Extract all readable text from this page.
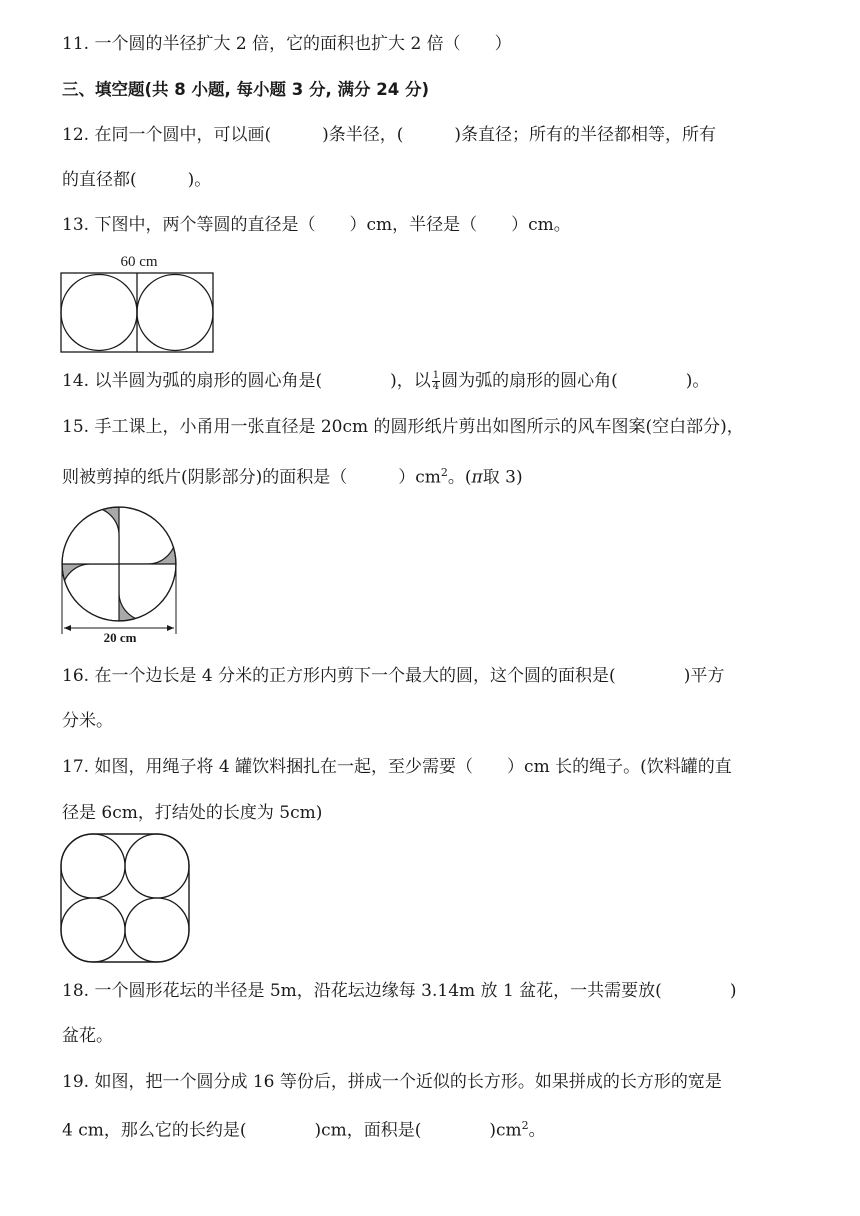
11. 一个圆的半径扩大 2 倍，它的面积也扩大 2 倍（　　）
三、填空题(共 8 小题, 每小题 3 分, 满分 24 分)
12. 在同一个圆中，可以画(　　　)条半径，(　　　)条直径；所有的半径都相等，所有
的直径都(　　　)。
13. 下图中，两个等圆的直径是（　　）cm，半径是（　　）cm。
60 cm
14. 以半圆为弧的扇形的圆心角是(　　　　)，以 $\frac{1}{4}$ 圆为弧的扇形的圆心角(　　　　)。
15. 手工课上，小甬用一张直径是 20cm 的圆形纸片剪出如图所示的风车图案(空白部分)，
则被剪掉的纸片(阴影部分)的面积是（　　　）$cm^2$。(π取 3)
20 cm
16. 在一个边长是 4 分米的正方形内剪下一个最大的圆，这个圆的面积是(　　　　)平方
分米。
17. 如图，用绳子将 4 罐饮料捆扎在一起，至少需要（　　）cm 长的绳子。(饮料罐的直
径是 6cm，打结处的长度为 5cm)
18. 一个圆形花坛的半径是 5m，沿花坛边缘每 3.14m 放 1 盆花，一共需要放(　　　　)
盆花。
19. 如图，把一个圆分成 16 等份后，拼成一个近似的长方形。如果拼成的长方形的宽是
4 cm，那么它的长约是(　　　　)cm，面积是(　　　　)$cm^2$。
